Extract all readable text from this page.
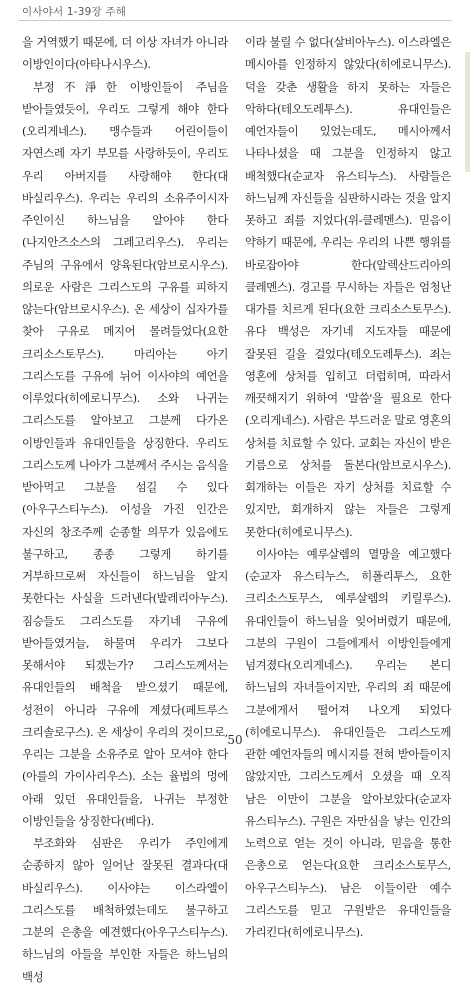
이사야서 1-39장 주해

을 거역했기 때문에, 더 이상 자녀가 아니라 이방인이다(아타나시우스).

부정不淨한 이방인들이 주님을 받아들였듯이, 우리도 그렇게 해야 한다(오리게네스). 맹수들과 어린이들이 자연스레 자기 부모를 사랑하듯이, 우리도 우리 아버지를 사랑해야 한다(대 바실리우스). 우리는 우리의 소유주이시자 주인이신 하느님을 알아야 한다(나지안즈소스의 그레고리우스). 우리는 주님의 구유에서 양육된다(암브로시우스). 의로운 사람은 그리스도의 구유를 피하지 않는다(암브로시우스). 온 세상이 십자가를 찾아 구유로 메지어 몰려들었다(요한 크리소스토무스). 마리아는 아기 그리스도를 구유에 뉘어 이사야의 예언을 이루었다(히에로니무스). 소와 나귀는 그리스도를 알아보고 그분께 다가온 이방인들과 유대인들을 상징한다. 우리도 그리스도께 나아가 그분께서 주시는 음식을 받아먹고 그분을 섬길 수 있다(아우구스티누스). 이성을 가진 인간은 자신의 창조주께 순종할 의무가 있음에도 불구하고, 종종 그렇게 하기를 거부하므로써 자신들이 하느님을 알지 못한다는 사실을 드러낸다(발레리아누스). 짐승들도 그리스도를 자기네 구유에 받아들였거늘, 하물며 우리가 그보다 못해서야 되겠는가? 그리스도께서는 유대인들의 배척을 받으셨기 때문에, 성전이 아니라 구유에 계셨다(페트루스 크리솔로구스). 온 세상이 우리의 것이므로, 우리는 그분을 소유주로 알아 모셔야 한다(아를의 가이사리우스). 소는 율법의 멍에 아래 있던 유대인들을, 나귀는 부정한 이방인들을 상징한다(베다).

부조화와 심판은 우리가 주인에게 순종하지 않아 일어난 잘못된 결과다(대 바실리우스). 이사야는 이스라엘이 그리스도를 배척하였는데도 불구하고 그분의 은총을 예견했다(아우구스티누스). 하느님의 아들을 부인한 자들은 하느님의 백성

이라 불릴 수 없다(살비아누스). 이스라엘은 메시아를 인정하지 않았다(히에로니무스). 덕을 갖춘 생활을 하지 못하는 자들은 악하다(테오도레투스). 유대인들은 예언자들이 있었는데도, 메시아께서 나타나셨을 때 그분을 인정하지 않고 배척했다(순교자 유스티누스). 사람들은 하느님께 자신들을 심판하시라는 것을 알지 못하고 죄를 지었다(위-클레멘스). 믿음이 약하기 때문에, 우리는 우리의 나쁜 행위를 바로잡아야 한다(알렉산드리아의 클레멘스). 경고를 무시하는 자들은 엄청난 대가를 치르게 된다(요한 크리소스토무스). 유다 백성은 자기네 지도자들 때문에 잘못된 길을 걸었다(테오도레투스). 죄는 영혼에 상처를 입히고 더럽히며, 따라서 깨끗해지기 위하여 '말씀'을 필요로 한다(오리게네스). 사람은 부드러운 말로 영혼의 상처를 치료할 수 있다. 교회는 자신이 받은 기름으로 상처를 돌본다(암브로시우스). 회개하는 이들은 자기 상처를 치료할 수 있지만, 회개하지 않는 자들은 그렇게 못한다(히에로니무스).

이사야는 예루살렘의 멸망을 예고했다(순교자 유스티누스, 히폴리투스, 요한 크리소스토무스, 예루살렘의 키릴루스). 유대인들이 하느님을 잊어버렸기 때문에, 그분의 구원이 그들에게서 이방인들에게 넘겨졌다(오리게네스). 우리는 본디 하느님의 자녀들이지만, 우리의 죄 때문에 그분에게서 떨어져 나오게 되었다(히에로니무스). 유대인들은 그리스도께 관한 예언자들의 메시지를 전혀 받아들이지 않았지만, 그리스도께서 오셨을 때 오직 남은 이만이 그분을 알아보았다(순교자 유스티누스). 구원은 자만심을 낳는 인간의 노력으로 얻는 것이 아니라, 믿음을 통한 은총으로 얻는다(요한 크리소스토무스, 아우구스티누스). 남은 이들이란 예수 그리스도를 믿고 구원받은 유대인들을 가리킨다(히에로니무스).

50
